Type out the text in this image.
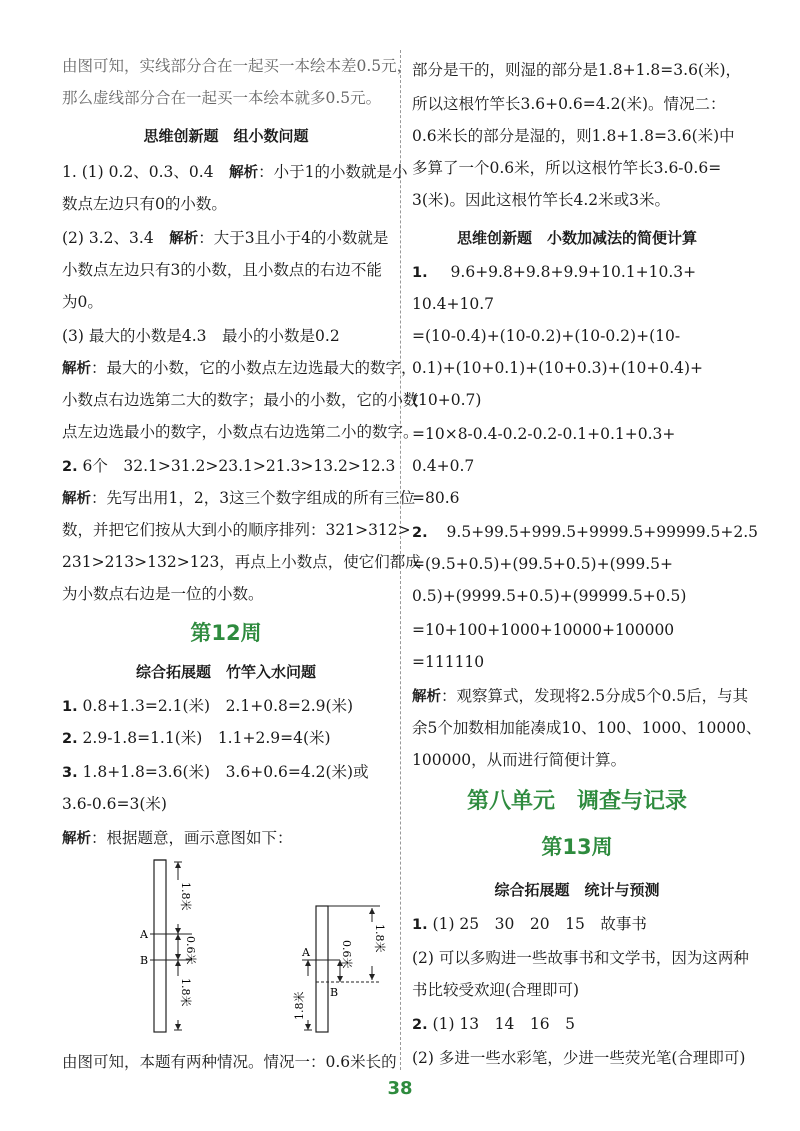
由图可知，实线部分合在一起买一本绘本差0.5元，
那么虚线部分合在一起买一本绘本就多0.5元。
思维创新题　组小数问题
1. (1) 0.2、0.3、0.4　 解析：小于1的小数就是小
数点左边只有0的小数。
(2) 3.2、3.4　 解析：大于3且小于4的小数就是
小数点左边只有3的小数，且小数点的右边不能
为0。
(3) 最大的小数是4.3　最小的小数是0.2
解析：最大的小数，它的小数点左边选最大的数字，
小数点右边选第二大的数字；最小的小数，它的小数
点左边选最小的数字，小数点右边选第二小的数字。
2. 6个　32.1>31.2>23.1>21.3>13.2>12.3
解析：先写出用1，2，3这三个数字组成的所有三位
数，并把它们按从大到小的顺序排列：321>312>
231>213>132>123，再点上小数点，使它们都成
为小数点右边是一位的小数。
第12周
综合拓展题　竹竿入水问题
1. 0.8+1.3=2.1(米)　2.1+0.8=2.9(米)
2. 2.9-1.8=1.1(米)　1.1+2.9=4(米)
3. 1.8+1.8=3.6(米)　3.6+0.6=4.2(米)或
3.6-0.6=3(米)
解析：根据题意，画示意图如下：
A
B
1.8米
0.6米
1.8米
A
B
1.8米
0.6米
1.8米
由图可知，本题有两种情况。情况一：0.6米长的
部分是干的，则湿的部分是1.8+1.8=3.6(米)，
所以这根竹竿长3.6+0.6=4.2(米)。情况二：
0.6米长的部分是湿的，则1.8+1.8=3.6(米)中
多算了一个0.6米，所以这根竹竿长3.6-0.6=
3(米)。因此这根竹竿长4.2米或3米。
思维创新题　小数加减法的简便计算
1. 9.6+9.8+9.8+9.9+10.1+10.3+
10.4+10.7
=(10-0.4)+(10-0.2)+(10-0.2)+(10-
0.1)+(10+0.1)+(10+0.3)+(10+0.4)+
(10+0.7)
=10×8-0.4-0.2-0.2-0.1+0.1+0.3+
0.4+0.7
=80.6
2. 9.5+99.5+999.5+9999.5+99999.5+2.5
=(9.5+0.5)+(99.5+0.5)+(999.5+
0.5)+(9999.5+0.5)+(99999.5+0.5)
=10+100+1000+10000+100000
=111110
解析：观察算式，发现将2.5分成5个0.5后，与其
余5个加数相加能凑成10、100、1000、10000、
100000，从而进行简便计算。
第八单元　调查与记录
第13周
综合拓展题　统计与预测
1. (1) 25　30　20　15　故事书
(2) 可以多购进一些故事书和文学书，因为这两种
书比较受欢迎(合理即可)
2. (1) 13　14　16　5
(2) 多进一些水彩笔，少进一些荧光笔(合理即可)
38
